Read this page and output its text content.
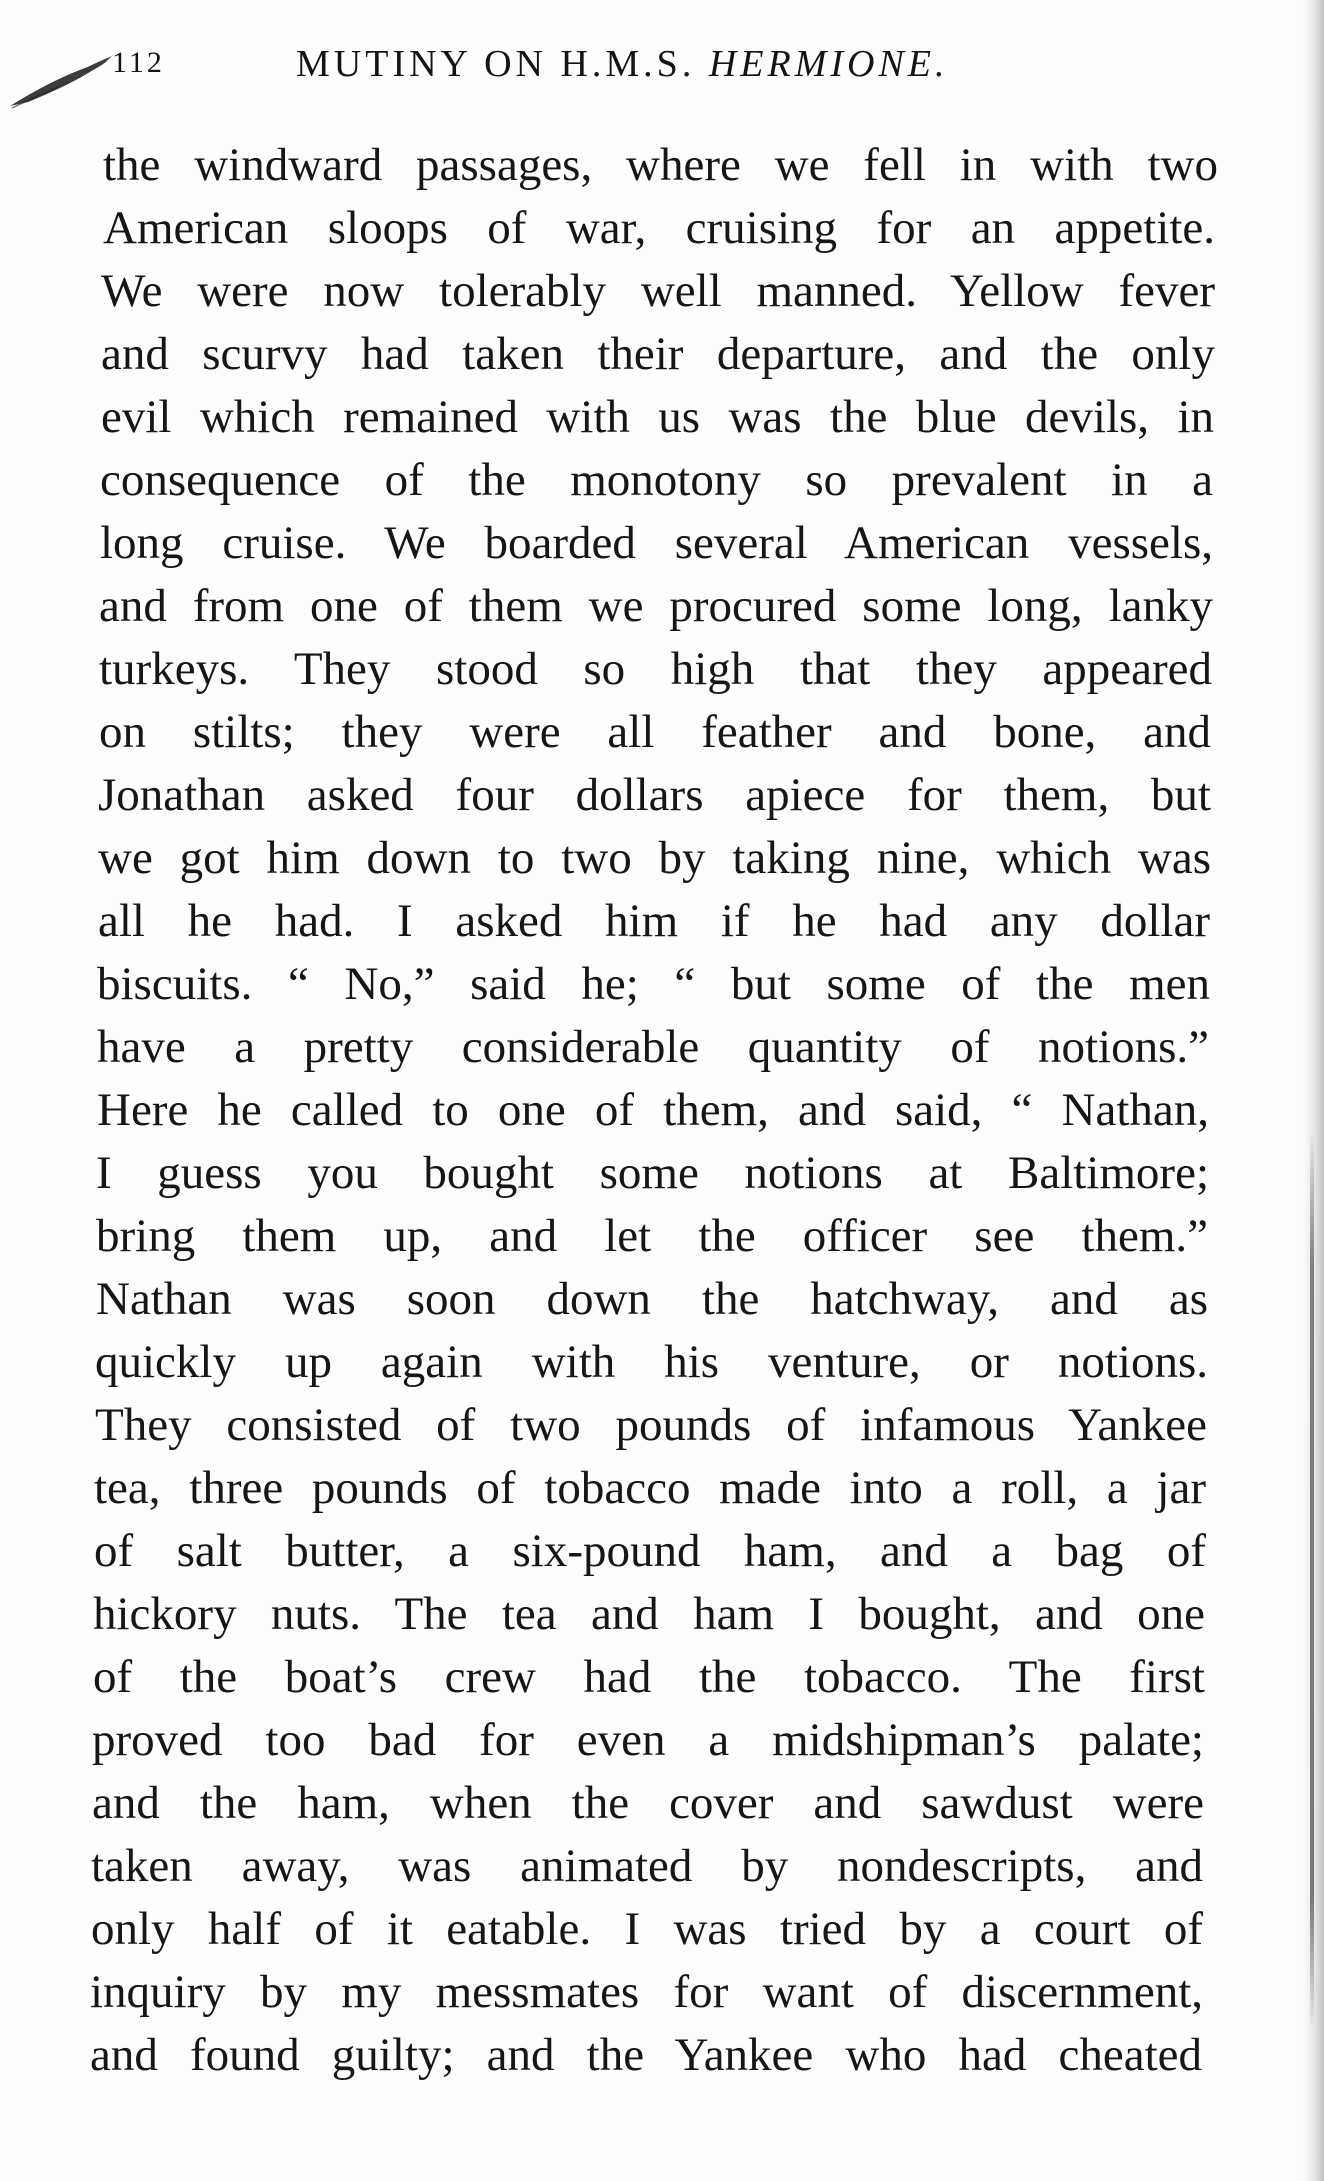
112	MUTINY ON H.M.S. HERMIONE.
the windward passages, where we fell in with two
American sloops of war, cruising for an appetite.
We were now tolerably well manned. Yellow fever
and scurvy had taken their departure, and the only
evil which remained with us was the blue devils, in
consequence of the monotony so prevalent in a
long cruise. We boarded several American vessels,
and from one of them we procured some long, lanky
turkeys. They stood so high that they appeared
on stilts; they were all feather and bone, and
Jonathan asked four dollars apiece for them, but
we got him down to two by taking nine, which was
all he had. I asked him if he had any dollar
biscuits. “ No,” said he; “ but some of the men
have a pretty considerable quantity of notions.”
Here he called to one of them, and said, “ Nathan,
I guess you bought some notions at Baltimore;
bring them up, and let the officer see them.”
Nathan was soon down the hatchway, and as
quickly up again with his venture, or notions.
They consisted of two pounds of infamous Yankee
tea, three pounds of tobacco made into a roll, a jar
of salt butter, a six-pound ham, and a bag of
hickory nuts. The tea and ham I bought, and one
of the boat’s crew had the tobacco. The first
proved too bad for even a midshipman’s palate;
and the ham, when the cover and sawdust were
taken away, was animated by nondescripts, and
only half of it eatable. I was tried by a court of
inquiry by my messmates for want of discernment,
and found guilty; and the Yankee who had cheated
